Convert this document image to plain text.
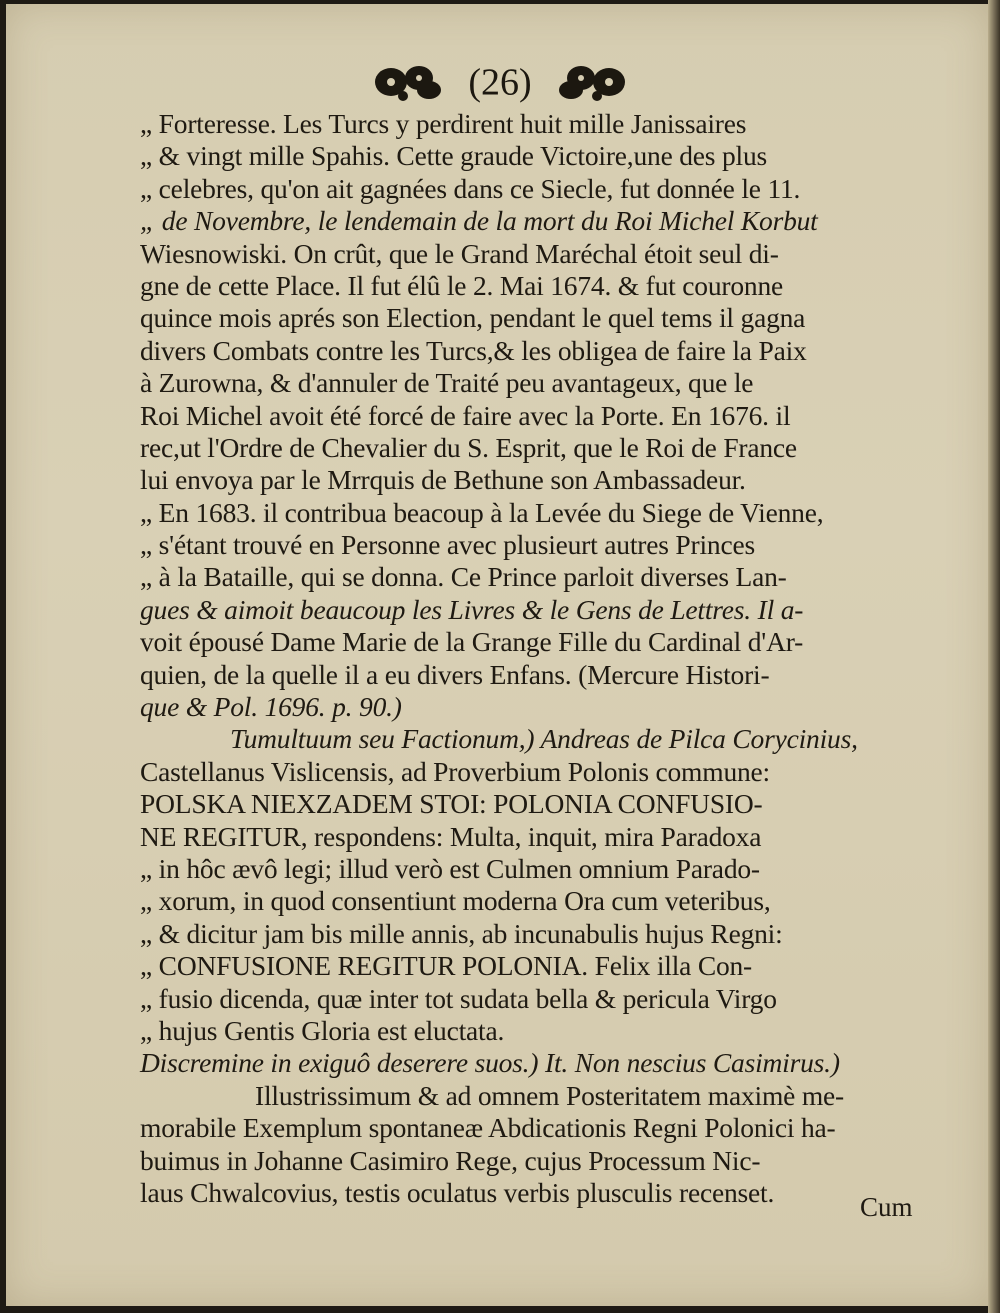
(26)
„ Forteresse. Les Turcs y perdirent huit mille Janissaires
„ & vingt mille Spahis. Cette graude Victoire,une des plus
„ celebres, qu'on ait gagnées dans ce Siecle, fut donnée le 11.
„ de Novembre, le lendemain de la mort du Roi Michel Korbut
Wiesnowiski. On crût, que le Grand Maréchal étoit seul di-
gne de cette Place. Il fut élû le 2. Mai 1674. & fut couronne
quince mois aprés son Election, pendant le quel tems il gagna
divers Combats contre les Turcs,& les obligea de faire la Paix
à Zurowna, & d'annuler de Traité peu avantageux, que le
Roi Michel avoit été forcé de faire avec la Porte. En 1676. il
rec,ut l'Ordre de Chevalier du S. Esprit, que le Roi de France
lui envoya par le Mrrquis de Bethune son Ambassadeur.
„ En 1683. il contribua beacoup à la Levée du Siege de Vienne,
„ s'étant trouvé en Personne avec plusieurt autres Princes
„ à la Bataille, qui se donna. Ce Prince parloit diverses Lan-
gues & aimoit beaucoup les Livres & le Gens de Lettres. Il a-
voit épousé Dame Marie de la Grange Fille du Cardinal d'Ar-
quien, de la quelle il a eu divers Enfans. (Mercure Histori-
que & Pol. 1696. p. 90.)
Tumultuum seu Factionum,) Andreas de Pilca Corycinius,
Castellanus Vislicensis, ad Proverbium Polonis commune:
POLSKA NIEXZADEM STOI: POLONIA CONFUSIO-
NE REGITUR, respondens: Multa, inquit, mira Paradoxa
„ in hôc ævô legi; illud verò est Culmen omnium Parado-
„ xorum, in quod consentiunt moderna Ora cum veteribus,
„ & dicitur jam bis mille annis, ab incunabulis hujus Regni:
„ CONFUSIONE REGITUR POLONIA. Felix illa Con-
„ fusio dicenda, quæ inter tot sudata bella & pericula Virgo
„ hujus Gentis Gloria est eluctata.
Discremine in exiguô deserere suos.) It. Non nescius Casimirus.)
Illustrissimum & ad omnem Posteritatem maximè me-
morabile Exemplum spontaneæ Abdicationis Regni Polonici ha-
buimus in Johanne Casimiro Rege, cujus Processum Nic-
laus Chwalcovius, testis oculatus verbis plusculis recenset.	Cum
